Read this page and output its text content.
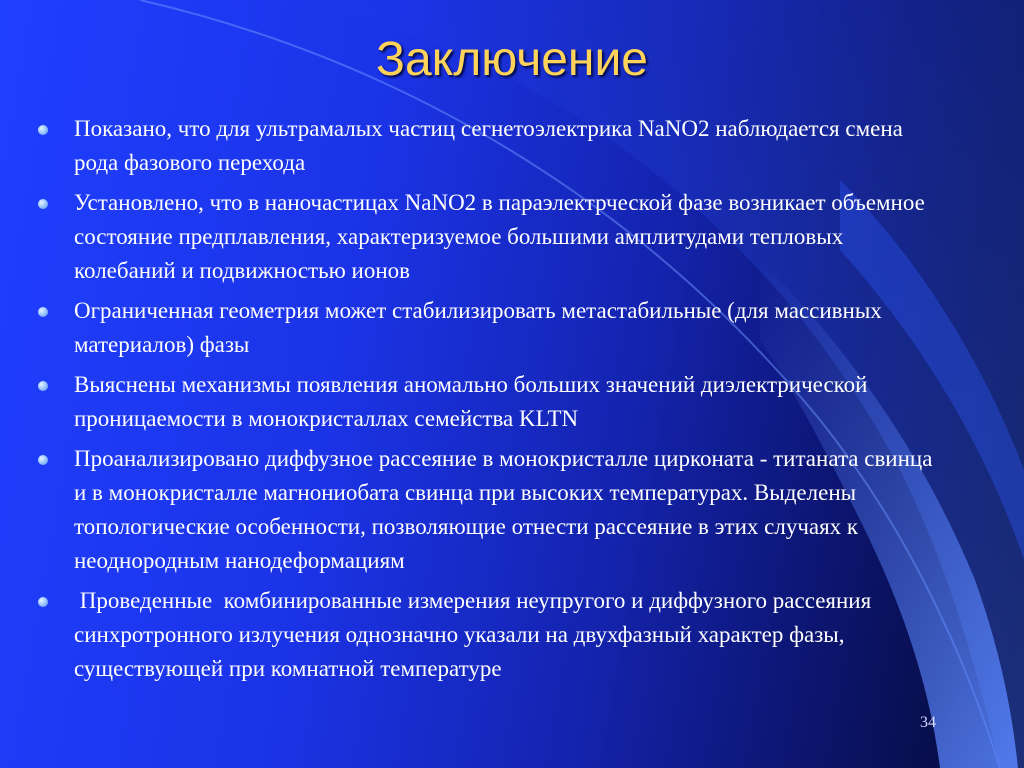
Заключение
Показано, что для ультрамалых частиц сегнетоэлектрика NaNO2 наблюдается смена рода фазового перехода
Установлено, что в наночастицах NaNO2 в параэлектрческой фазе возникает объемное состояние предплавления, характеризуемое большими амплитудами тепловых колебаний и подвижностью ионов
Ограниченная геометрия может стабилизировать метастабильные (для массивных материалов) фазы
Выяснены механизмы появления аномально больших значений диэлектрической проницаемости в монокристаллах семейства KLTN
Проанализировано диффузное рассеяние в монокристалле цирконата - титаната свинца и в монокристалле магнониобата свинца при высоких температурах. Выделены топологические особенности, позволяющие отнести рассеяние в этих случаях к неоднородным нанодеформациям
Проведенные  комбинированные измерения неупругого и диффузного рассеяния синхротронного излучения однозначно указали на двухфазный характер фазы, существующей при комнатной температуре
34
